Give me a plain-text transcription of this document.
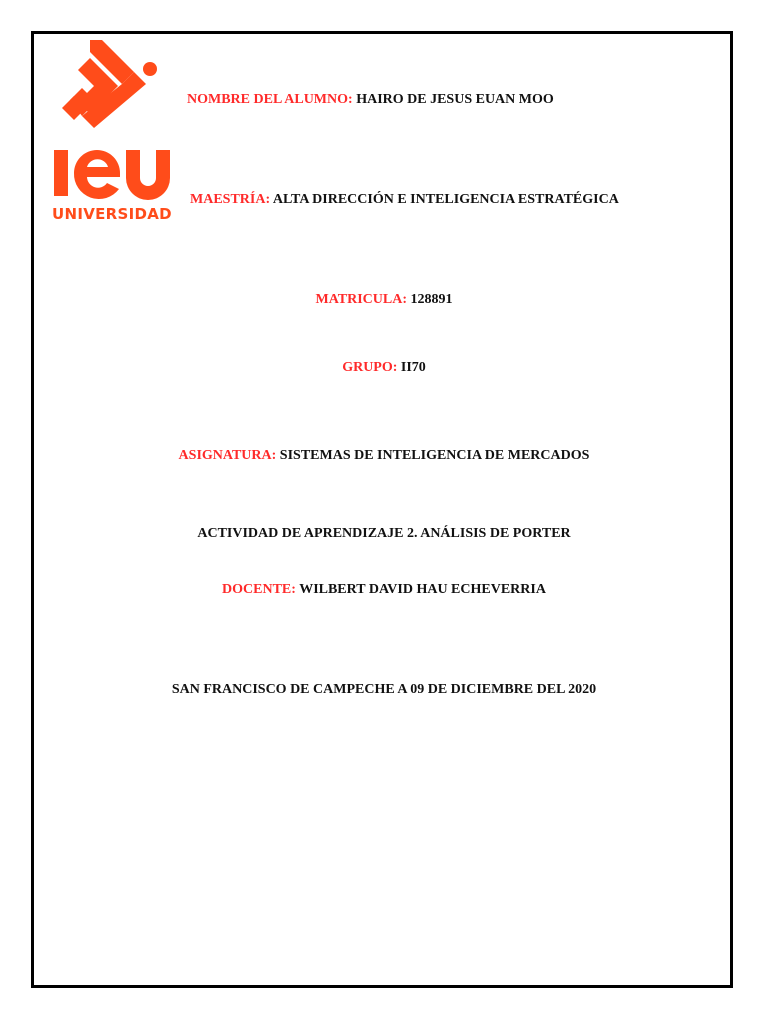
UNIVERSIDAD
NOMBRE DEL ALUMNO: HAIRO DE JESUS EUAN MOO
MAESTRÍA: ALTA DIRECCIÓN E INTELIGENCIA ESTRATÉGICA
MATRICULA: 128891
GRUPO: II70
ASIGNATURA: SISTEMAS DE INTELIGENCIA DE MERCADOS
ACTIVIDAD DE APRENDIZAJE 2. ANÁLISIS DE PORTER
DOCENTE: WILBERT DAVID HAU ECHEVERRIA
SAN FRANCISCO DE CAMPECHE A 09 DE DICIEMBRE DEL 2020
